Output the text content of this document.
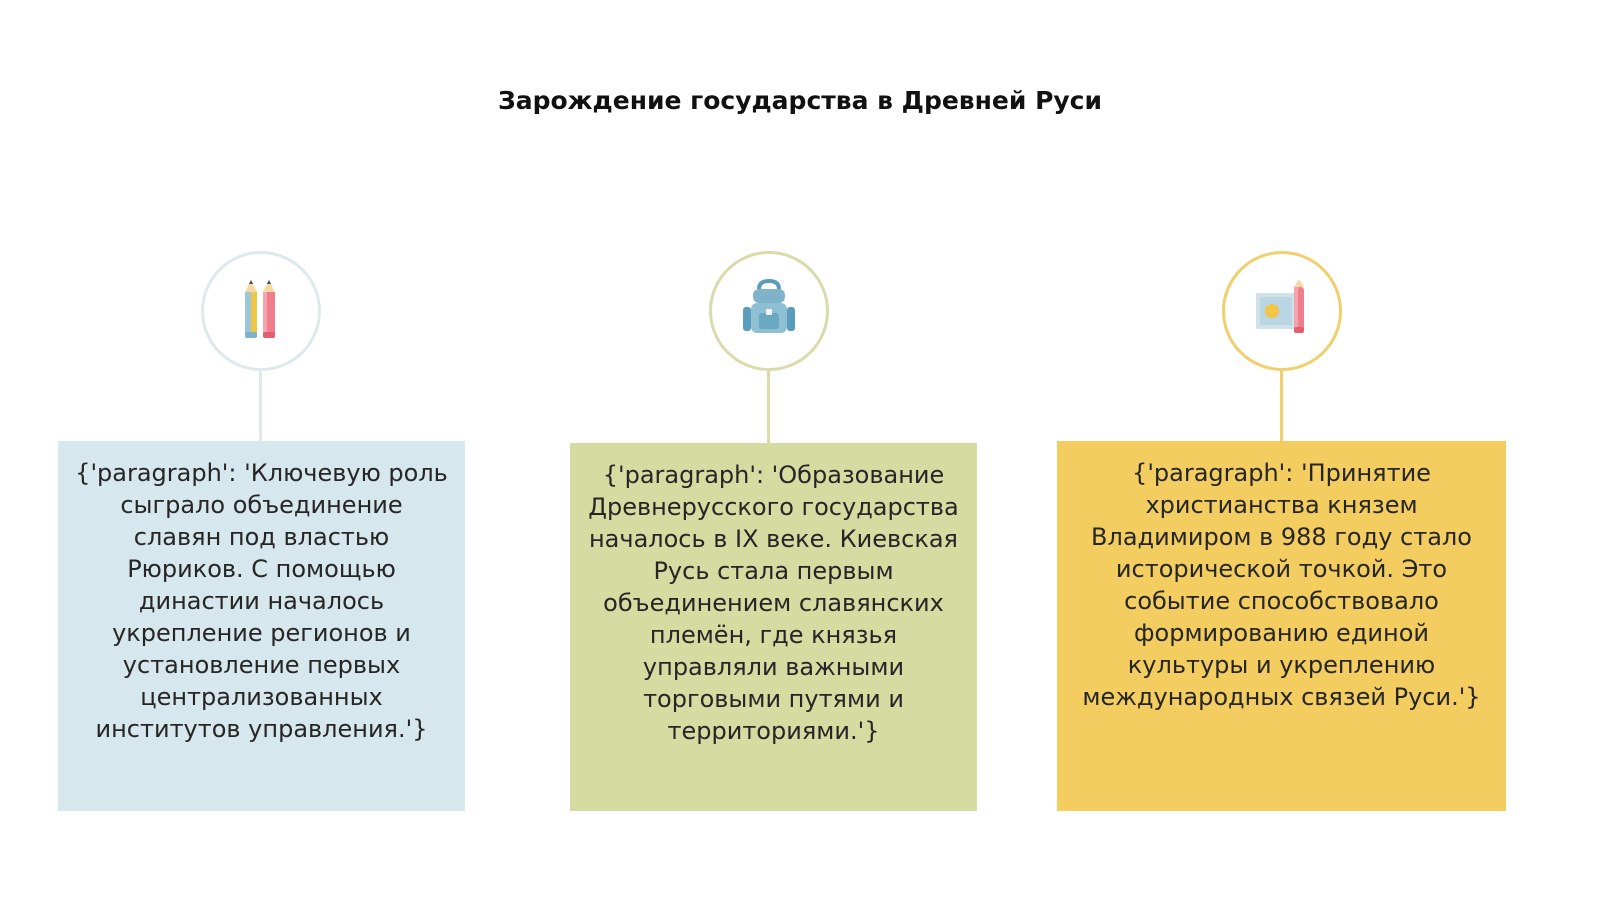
Зарождение государства в Древней Руси
{'paragraph': 'Ключевую роль сыграло объединение славян под властью Рюриков. С помощью династии началось укрепление регионов и установление первых централизованных институтов управления.'}
{'paragraph': 'Образование Древнерусского государства началось в IX веке. Киевская Русь стала первым объединением славянских племён, где князья управляли важными торговыми путями и территориями.'}
{'paragraph': 'Принятие христианства князем Владимиром в 988 году стало исторической точкой. Это событие способствовало формированию единой культуры и укреплению международных связей Руси.'}
